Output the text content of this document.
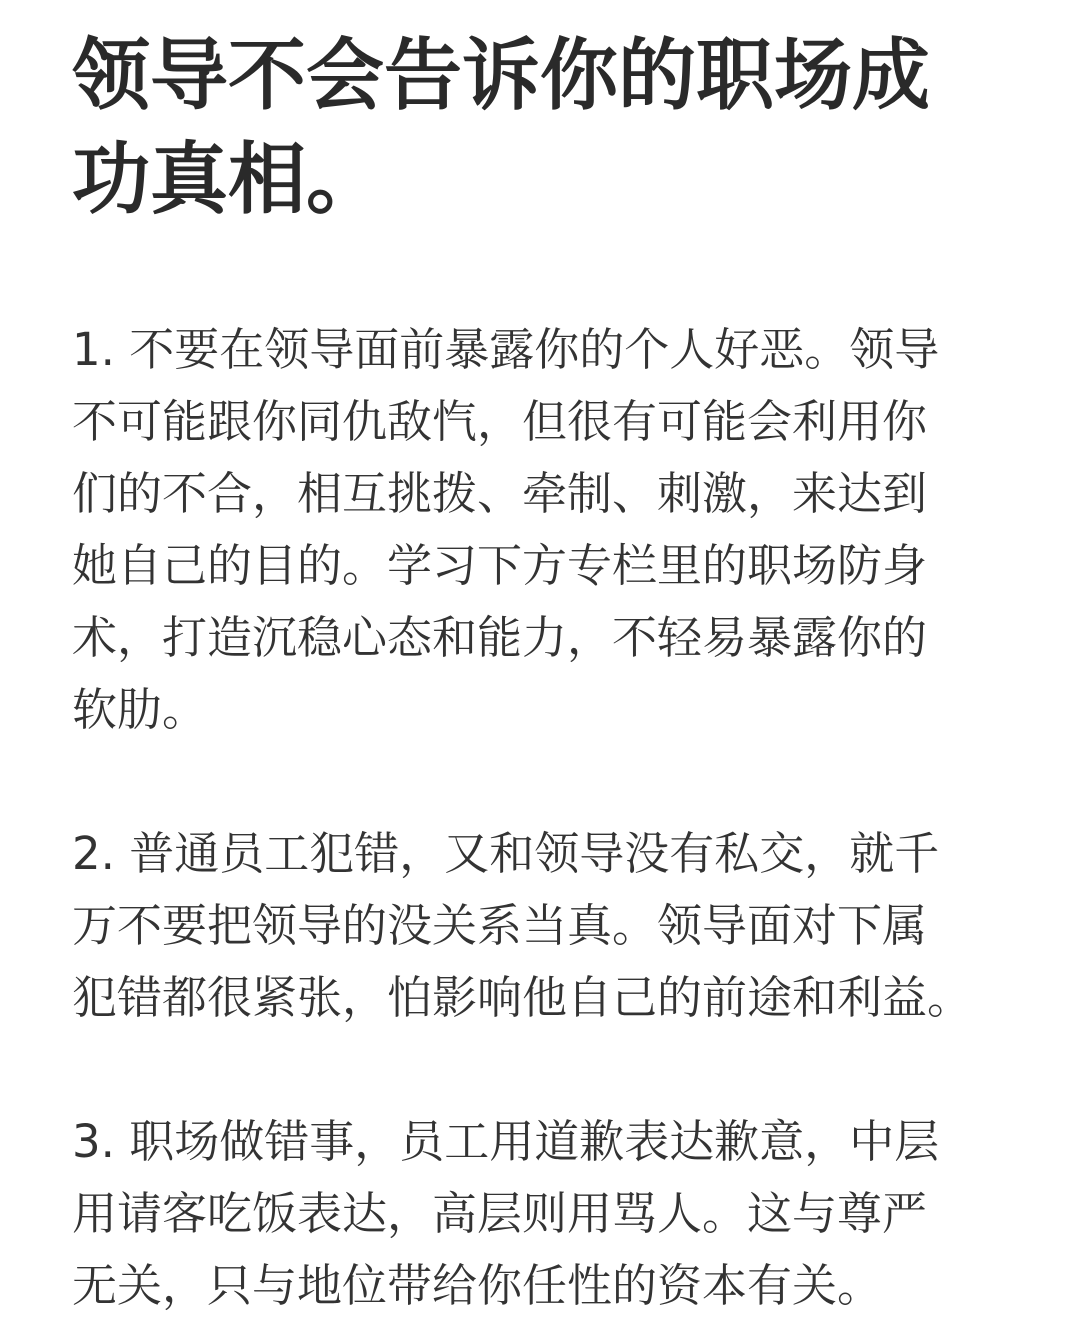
领导不会告诉你的职场成
功真相。

1. 不要在领导面前暴露你的个人好恶。领导
不可能跟你同仇敌忾，但很有可能会利用你
们的不合，相互挑拨、牵制、刺激，来达到
她自己的目的。学习下方专栏里的职场防身
术，打造沉稳心态和能力，不轻易暴露你的
软肋。

2. 普通员工犯错，又和领导没有私交，就千
万不要把领导的没关系当真。领导面对下属
犯错都很紧张，怕影响他自己的前途和利益。

3. 职场做错事，员工用道歉表达歉意，中层
用请客吃饭表达，高层则用骂人。这与尊严
无关，只与地位带给你任性的资本有关。
